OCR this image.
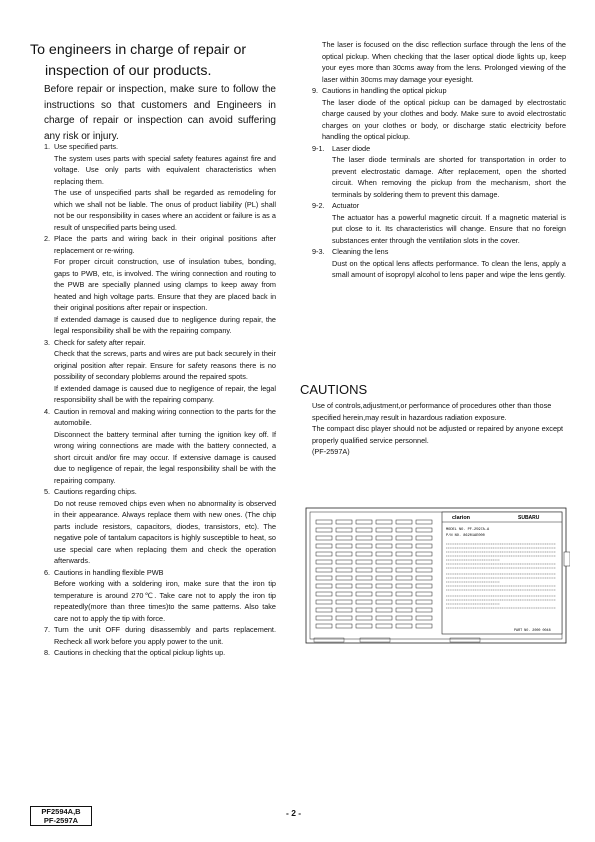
To engineers in charge of repair or

inspection of our products.

Before repair or inspection, make sure to follow the instructions so that customers and Engineers in charge of repair or inspection can avoid suffering any risk or injury.

1. Use specified parts.

The system uses parts with special safety features against fire and voltage. Use only parts with equivalent characteristics when replacing them.

The use of unspecified parts shall be regarded as remodeling for which we shall not be liable. The onus of product liability (PL) shall not be our responsibility in cases where an accident or failure is as a result of unspecified parts being used.

2. Place the parts and wiring back in their original positions after replacement or re-wiring.

For proper circuit construction, use of insulation tubes, bonding, gaps to PWB, etc, is involved. The wiring connection and routing to the PWB are specially planned using clamps to keep away from heated and high voltage parts. Ensure that they are placed back in their original positions after repair or inspection.

If extended damage is caused due to negligence during repair, the legal responsibility shall be with the repairing company.

3. Check for safety after repair.

Check that the screws, parts and wires are put back securely in their original position after repair. Ensure for safety reasons there is no possibility of secondary ploblems around the repaired spots.

If extended damage is caused due to negligence of repair, the legal responsibility shall be with the repairing company.

4. Caution in removal and making wiring connection to the parts for the automobile.

Disconnect the battery terminal after turning the ignition key off. If wrong wiring connections are made with the battery connected, a short circuit and/or fire may occur. If extensive damage is caused due to negligence of repair, the legal responsibility shall be with the repairing company.

5. Cautions regarding chips.

Do not reuse removed chips even when no abnormality is observed in their appearance. Always replace them with new ones. (The chip parts include resistors, capacitors, diodes, transistors, etc). The negative pole of tantalum capacitors is highly susceptible to heat, so use special care when replacing them and check the operation afterwards.

6. Cautions in handling flexible PWB

Before working with a soldering iron, make sure that the iron tip temperature is around 270℃. Take care not to apply the iron tip repeatedly(more than three times)to the same patterns. Also take care not to apply the tip with force.

7. Turn the unit OFF during disassembly and parts replacement. Recheck all work before you apply power to the unit.

8. Cautions in checking that the optical pickup lights up.

The laser is focused on the disc reflection surface through the lens of the optical pickup. When checking that the laser optical diode lights up, keep your eyes more than 30cms away from the lens. Prolonged viewing of the laser within 30cms may damage your eyesight.

9. Cautions in handling the optical pickup

The laser diode of the optical pickup can be damaged by electrostatic charge caused by your clothes and body. Make sure to avoid electrostatic charges on your clothes or body, or discharge static electricity before handling the optical pickup.

9-1. Laser diode

The laser diode terminals are shorted for transportation in order to prevent electrostatic damage. After replacement, open the shorted circuit. When removing the pickup from the mechanism, short the terminals by soldering them to prevent this damage.

9-2. Actuator

The actuator has a powerful magnetic circuit. If a magnetic material is put close to it. Its characteristics will change. Ensure that no foreign substances enter through the ventilation slots in the cover.

9-3. Cleaning the lens

Dust on the optical lens affects performance. To clean the lens, apply a small amount of isopropyl alcohol to lens paper and wipe the lens gently.

CAUTIONS

Use of controls,adjustment,or performance of procedures other than those specified herein,may result in hazardous radiation exposure.

The compact disc player should not be adjusted or repaired by anyone except properly qualified service personnel.

(PF-2597A)

clarion	SUBARU
MODEL NO. PF-2597A-A
P/N NO. 86201AE000
PART NO. 2000 0048
PF2594A,B
PF-2597A
- 2 -
